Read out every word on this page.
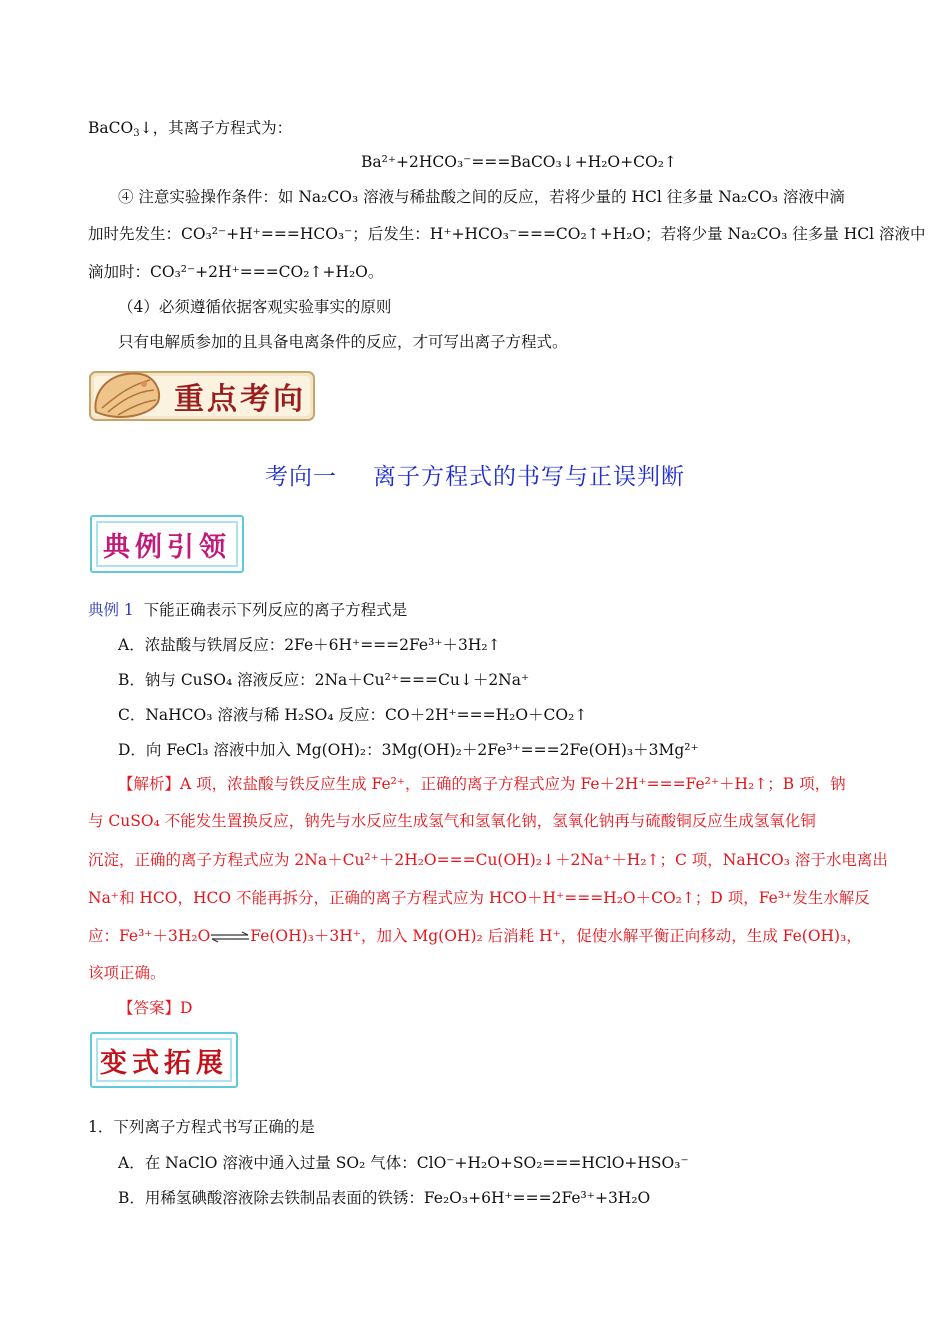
BaCO$_3$↓，其离子方程式为：
Ba²⁺+2HCO₃⁻===BaCO₃↓+H₂O+CO₂↑
④ 注意实验操作条件：如 Na₂CO₃ 溶液与稀盐酸之间的反应，若将少量的 HCl 往多量 Na₂CO₃ 溶液中滴
加时先发生：CO₃²⁻+H⁺===HCO₃⁻；后发生：H⁺+HCO₃⁻===CO₂↑+H₂O；若将少量 Na₂CO₃ 往多量 HCl 溶液中
滴加时：CO₃²⁻+2H⁺===CO₂↑+H₂O。
（4）必须遵循依据客观实验事实的原则
只有电解质参加的且具备电离条件的反应，才可写出离子方程式。
重点考向
考向一 离子方程式的书写与正误判断
典例引领
典例 1 下能正确表示下列反应的离子方程式是
A．浓盐酸与铁屑反应：2Fe＋6H⁺===2Fe³⁺＋3H₂↑
B．钠与 CuSO₄ 溶液反应：2Na＋Cu²⁺===Cu↓＋2Na⁺
C．NaHCO₃ 溶液与稀 H₂SO₄ 反应：CO＋2H⁺===H₂O＋CO₂↑
D．向 FeCl₃ 溶液中加入 Mg(OH)₂：3Mg(OH)₂＋2Fe³⁺===2Fe(OH)₃＋3Mg²⁺
【解析】A 项，浓盐酸与铁反应生成 Fe²⁺，正确的离子方程式应为 Fe＋2H⁺===Fe²⁺＋H₂↑；B 项，钠
与 CuSO₄ 不能发生置换反应，钠先与水反应生成氢气和氢氧化钠，氢氧化钠再与硫酸铜反应生成氢氧化铜
沉淀，正确的离子方程式应为 2Na＋Cu²⁺＋2H₂O===Cu(OH)₂↓＋2Na⁺＋H₂↑；C 项，NaHCO₃ 溶于水电离出
Na⁺和 HCO，HCO 不能再拆分，正确的离子方程式应为 HCO＋H⁺===H₂O＋CO₂↑；D 项，Fe³⁺发生水解反
应：Fe³⁺＋3H₂O⇌Fe(OH)₃＋3H⁺，加入 Mg(OH)₂ 后消耗 H⁺，促使水解平衡正向移动，生成 Fe(OH)₃，
该项正确。
【答案】D
变式拓展
1．下列离子方程式书写正确的是
A．在 NaClO 溶液中通入过量 SO₂ 气体：ClO⁻+H₂O+SO₂===HClO+HSO₃⁻
B．用稀氢碘酸溶液除去铁制品表面的铁锈：Fe₂O₃+6H⁺===2Fe³⁺+3H₂O
